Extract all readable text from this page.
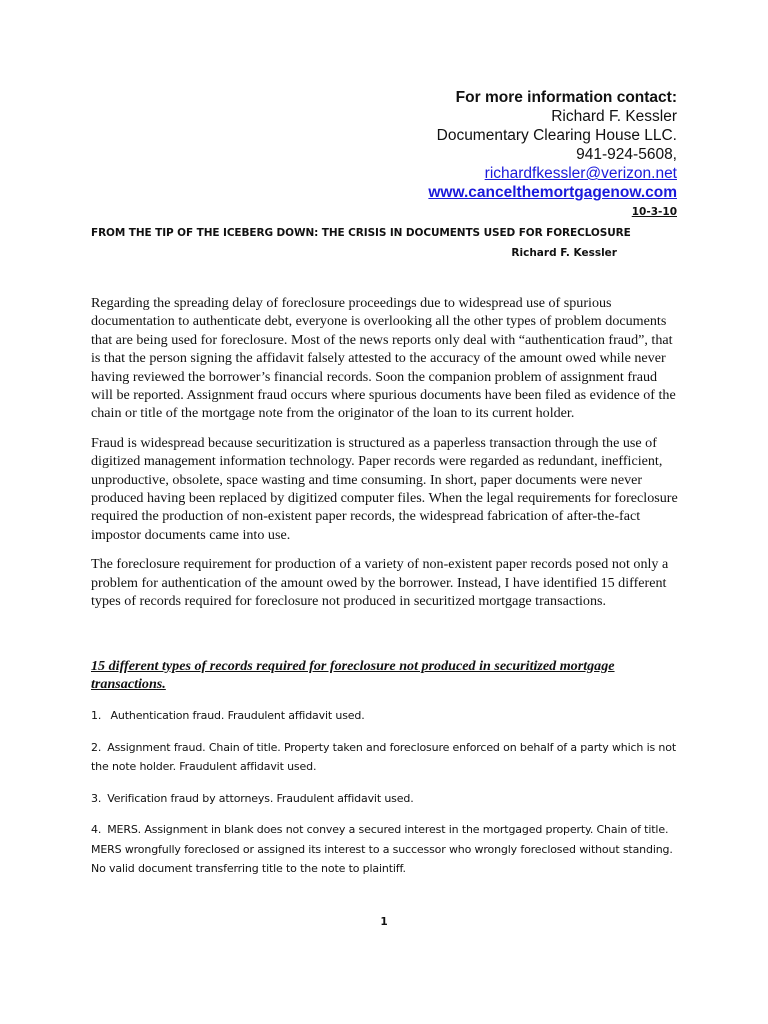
For more information contact:
Richard F. Kessler
Documentary Clearing House LLC.
941-924-5608,
richardfkessler@verizon.net
www.cancelthemortgagenow.com
10-3-10
FROM THE TIP OF THE ICEBERG DOWN: THE CRISIS IN DOCUMENTS USED FOR FORECLOSURE
Richard F. Kessler

Regarding the spreading delay of foreclosure proceedings due to widespread use of spurious documentation to authenticate debt, everyone is overlooking all the other types of problem documents that are being used for foreclosure. Most of the news reports only deal with “authentication fraud”, that is that the person signing the affidavit falsely attested to the accuracy of the amount owed while never having reviewed the borrower’s financial records. Soon the companion problem of assignment fraud will be reported. Assignment fraud occurs where spurious documents have been filed as evidence of the chain or title of the mortgage note from the originator of the loan to its current holder.

Fraud is widespread because securitization is structured as a paperless transaction through the use of digitized management information technology. Paper records were regarded as redundant, inefficient, unproductive, obsolete, space wasting and time consuming. In short, paper documents were never produced having been replaced by digitized computer files. When the legal requirements for foreclosure required the production of non-existent paper records, the widespread fabrication of after-the-fact impostor documents came into use.

The foreclosure requirement for production of a variety of non-existent paper records posed not only a problem for authentication of the amount owed by the borrower. Instead, I have identified 15 different types of records required for foreclosure not produced in securitized mortgage transactions.

15 different types of records required for foreclosure not produced in securitized mortgage transactions.
1. Authentication fraud. Fraudulent affidavit used.
2. Assignment fraud. Chain of title. Property taken and foreclosure enforced on behalf of a party which is not the note holder. Fraudulent affidavit used.
3. Verification fraud by attorneys. Fraudulent affidavit used.
4. MERS. Assignment in blank does not convey a secured interest in the mortgaged property. Chain of title. MERS wrongfully foreclosed or assigned its interest to a successor who wrongly foreclosed without standing. No valid document transferring title to the note to plaintiff.
1
